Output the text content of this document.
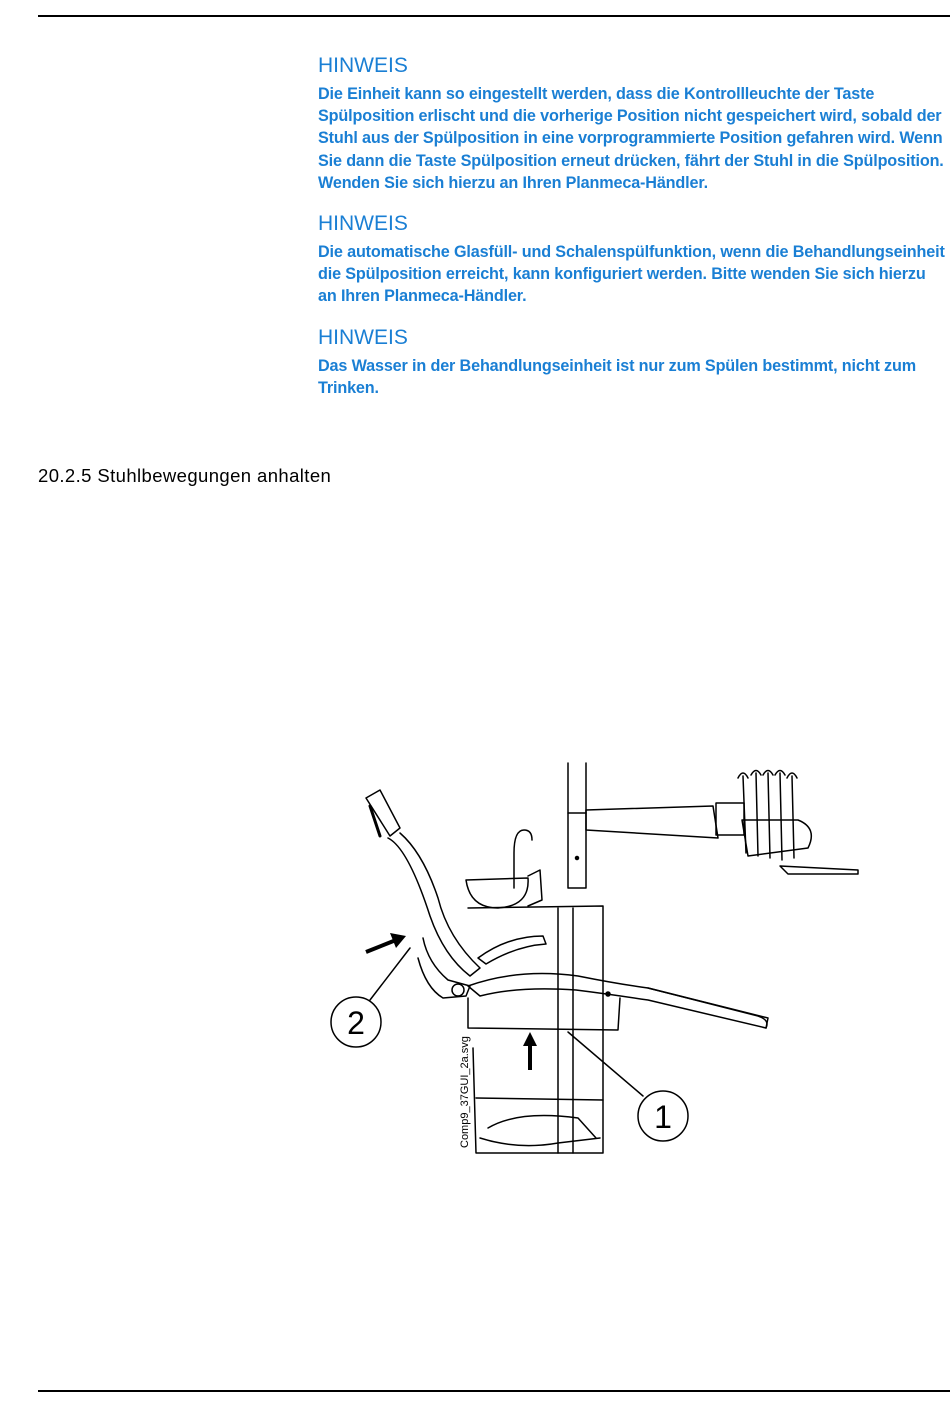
HINWEIS

Die Einheit kann so eingestellt werden, dass die Kontrollleuchte der Taste Spülposition erlischt und die vorherige Position nicht gespeichert wird, sobald der Stuhl aus der Spülposition in eine vorprogrammierte Position gefahren wird. Wenn Sie dann die Taste Spülposition erneut drücken, fährt der Stuhl in die Spülposition. Wenden Sie sich hierzu an Ihren Planmeca-Händler.

HINWEIS

Die automatische Glasfüll- und Schalenspülfunktion, wenn die Behandlungseinheit die Spülposition erreicht, kann konfiguriert werden. Bitte wenden Sie sich hierzu an Ihren Planmeca-Händler.

HINWEIS

Das Wasser in der Behandlungseinheit ist nur zum Spülen bestimmt, nicht zum Trinken.

20.2.5 Stuhlbewegungen anhalten
2
1
Comp9_37GUI_2a.svg
